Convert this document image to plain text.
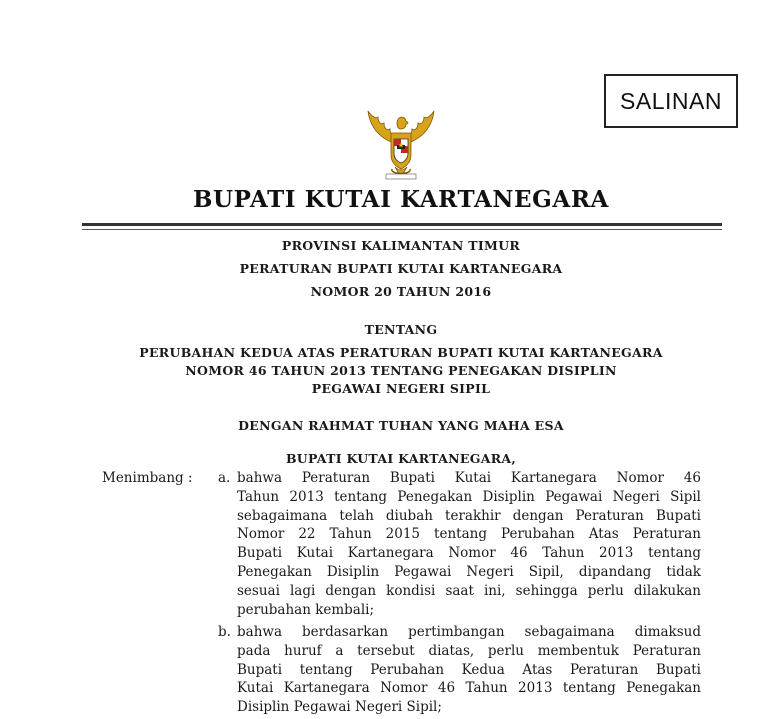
SALINAN
BUPATI KUTAI KARTANEGARA
PROVINSI KALIMANTAN TIMUR
PERATURAN BUPATI KUTAI KARTANEGARA
NOMOR 20 TAHUN 2016
TENTANG
PERUBAHAN KEDUA ATAS PERATURAN BUPATI KUTAI KARTANEGARA
NOMOR 46 TAHUN 2013 TENTANG PENEGAKAN DISIPLIN
PEGAWAI NEGERI SIPIL
DENGAN RAHMAT TUHAN YANG MAHA ESA
BUPATI KUTAI KARTANEGARA,
Menimbang : a. bahwa Peraturan Bupati Kutai Kartanegara Nomor 46
Tahun 2013 tentang Penegakan Disiplin Pegawai Negeri Sipil
sebagaimana telah diubah terakhir dengan Peraturan Bupati
Nomor 22 Tahun 2015 tentang Perubahan Atas Peraturan
Bupati Kutai Kartanegara Nomor 46 Tahun 2013 tentang
Penegakan Disiplin Pegawai Negeri Sipil, dipandang tidak
sesuai lagi dengan kondisi saat ini, sehingga perlu dilakukan
perubahan kembali;
b. bahwa berdasarkan pertimbangan sebagaimana dimaksud
pada huruf a tersebut diatas, perlu membentuk Peraturan
Bupati tentang Perubahan Kedua Atas Peraturan Bupati
Kutai Kartanegara Nomor 46 Tahun 2013 tentang Penegakan
Disiplin Pegawai Negeri Sipil;
